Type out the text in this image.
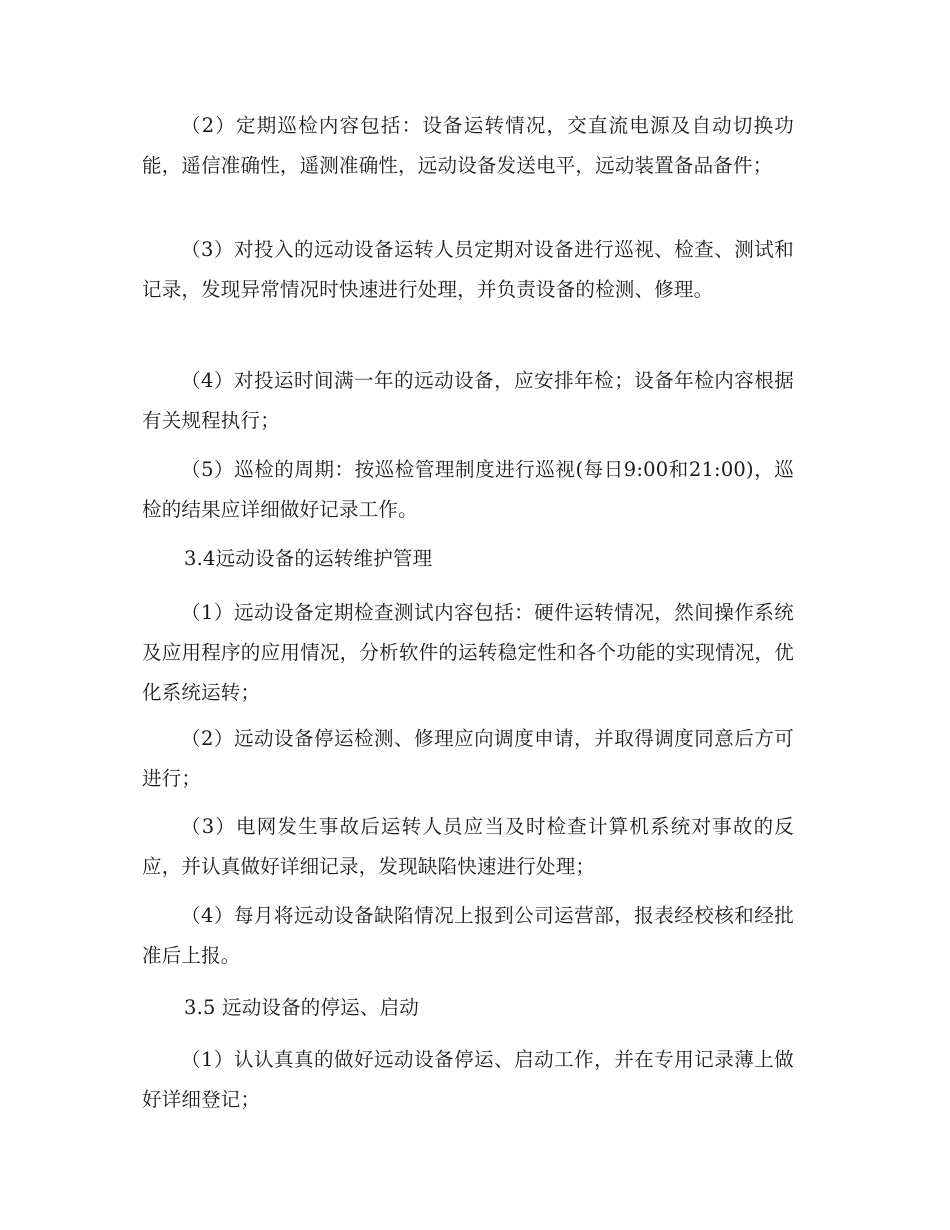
（2）定期巡检内容包括：设备运转情况，交直流电源及自动切换功能，遥信准确性，遥测准确性，远动设备发送电平，远动装置备品备件；

（3）对投入的远动设备运转人员定期对设备进行巡视、检查、测试和记录，发现异常情况时快速进行处理，并负责设备的检测、修理。

（4）对投运时间满一年的远动设备，应安排年检；设备年检内容根据有关规程执行；

（5）巡检的周期：按巡检管理制度进行巡视(每日9:00和21:00)，巡检的结果应详细做好记录工作。

3.4远动设备的运转维护管理

（1）远动设备定期检查测试内容包括：硬件运转情况，然间操作系统及应用程序的应用情况，分析软件的运转稳定性和各个功能的实现情况，优化系统运转；

（2）远动设备停运检测、修理应向调度申请，并取得调度同意后方可进行；

（3）电网发生事故后运转人员应当及时检查计算机系统对事故的反应，并认真做好详细记录，发现缺陷快速进行处理；

（4）每月将远动设备缺陷情况上报到公司运营部，报表经校核和经批准后上报。

3.5 远动设备的停运、启动

（1）认认真真的做好远动设备停运、启动工作，并在专用记录薄上做好详细登记；
